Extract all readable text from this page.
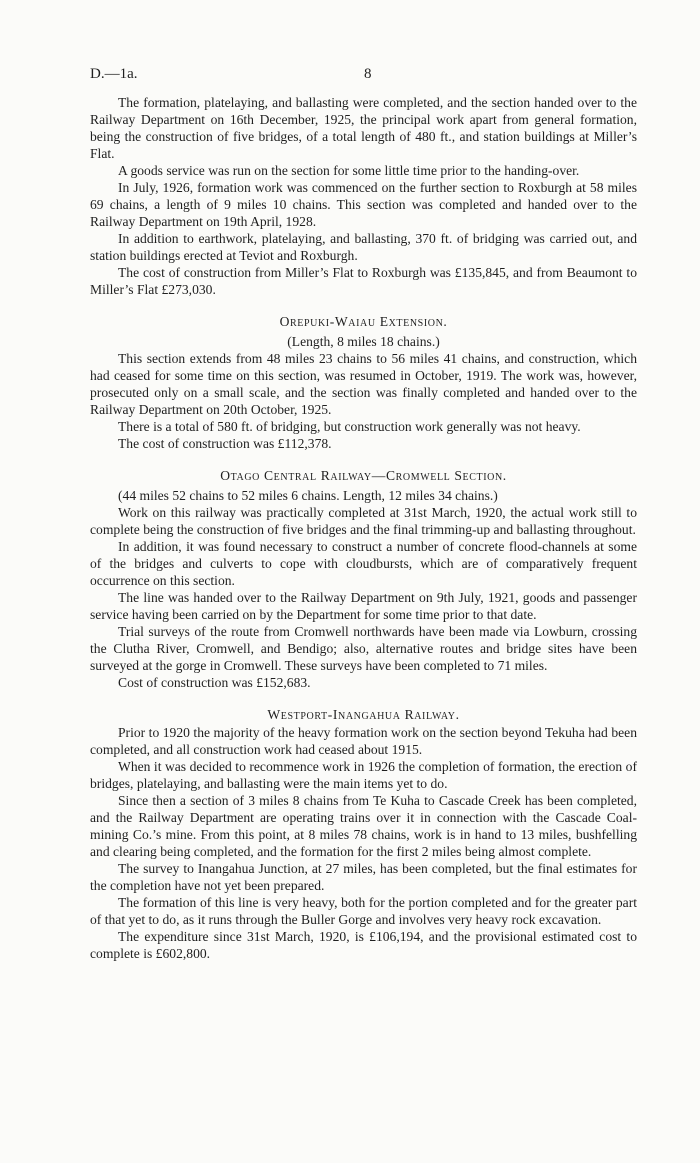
D.—1a.	8

The formation, platelaying, and ballasting were completed, and the section handed over to the Railway Department on 16th December, 1925, the principal work apart from general formation, being the construction of five bridges, of a total length of 480 ft., and station buildings at Miller’s Flat.

A goods service was run on the section for some little time prior to the handing-over.

In July, 1926, formation work was commenced on the further section to Roxburgh at 58 miles 69 chains, a length of 9 miles 10 chains. This section was completed and handed over to the Railway Department on 19th April, 1928.

In addition to earthwork, platelaying, and ballasting, 370 ft. of bridging was carried out, and station buildings erected at Teviot and Roxburgh.

The cost of construction from Miller’s Flat to Roxburgh was £135,845, and from Beaumont to Miller’s Flat £273,030.

Orepuki-Waiau Extension.
(Length, 8 miles 18 chains.)

This section extends from 48 miles 23 chains to 56 miles 41 chains, and construction, which had ceased for some time on this section, was resumed in October, 1919. The work was, however, prosecuted only on a small scale, and the section was finally completed and handed over to the Railway Department on 20th October, 1925.

There is a total of 580 ft. of bridging, but construction work generally was not heavy.

The cost of construction was £112,378.

Otago Central Railway—Cromwell Section.
(44 miles 52 chains to 52 miles 6 chains. Length, 12 miles 34 chains.)

Work on this railway was practically completed at 31st March, 1920, the actual work still to complete being the construction of five bridges and the final trimming-up and ballasting throughout.

In addition, it was found necessary to construct a number of concrete flood-channels at some of the bridges and culverts to cope with cloudbursts, which are of comparatively frequent occurrence on this section.

The line was handed over to the Railway Department on 9th July, 1921, goods and passenger service having been carried on by the Department for some time prior to that date.

Trial surveys of the route from Cromwell northwards have been made via Lowburn, crossing the Clutha River, Cromwell, and Bendigo; also, alternative routes and bridge sites have been surveyed at the gorge in Cromwell. These surveys have been completed to 71 miles.

Cost of construction was £152,683.

Westport-Inangahua Railway.

Prior to 1920 the majority of the heavy formation work on the section beyond Tekuha had been completed, and all construction work had ceased about 1915.

When it was decided to recommence work in 1926 the completion of formation, the erection of bridges, platelaying, and ballasting were the main items yet to do.

Since then a section of 3 miles 8 chains from Te Kuha to Cascade Creek has been completed, and the Railway Department are operating trains over it in connection with the Cascade Coal-mining Co.’s mine. From this point, at 8 miles 78 chains, work is in hand to 13 miles, bushfelling and clearing being completed, and the formation for the first 2 miles being almost complete.

The survey to Inangahua Junction, at 27 miles, has been completed, but the final estimates for the completion have not yet been prepared.

The formation of this line is very heavy, both for the portion completed and for the greater part of that yet to do, as it runs through the Buller Gorge and involves very heavy rock excavation.

The expenditure since 31st March, 1920, is £106,194, and the provisional estimated cost to complete is £602,800.
